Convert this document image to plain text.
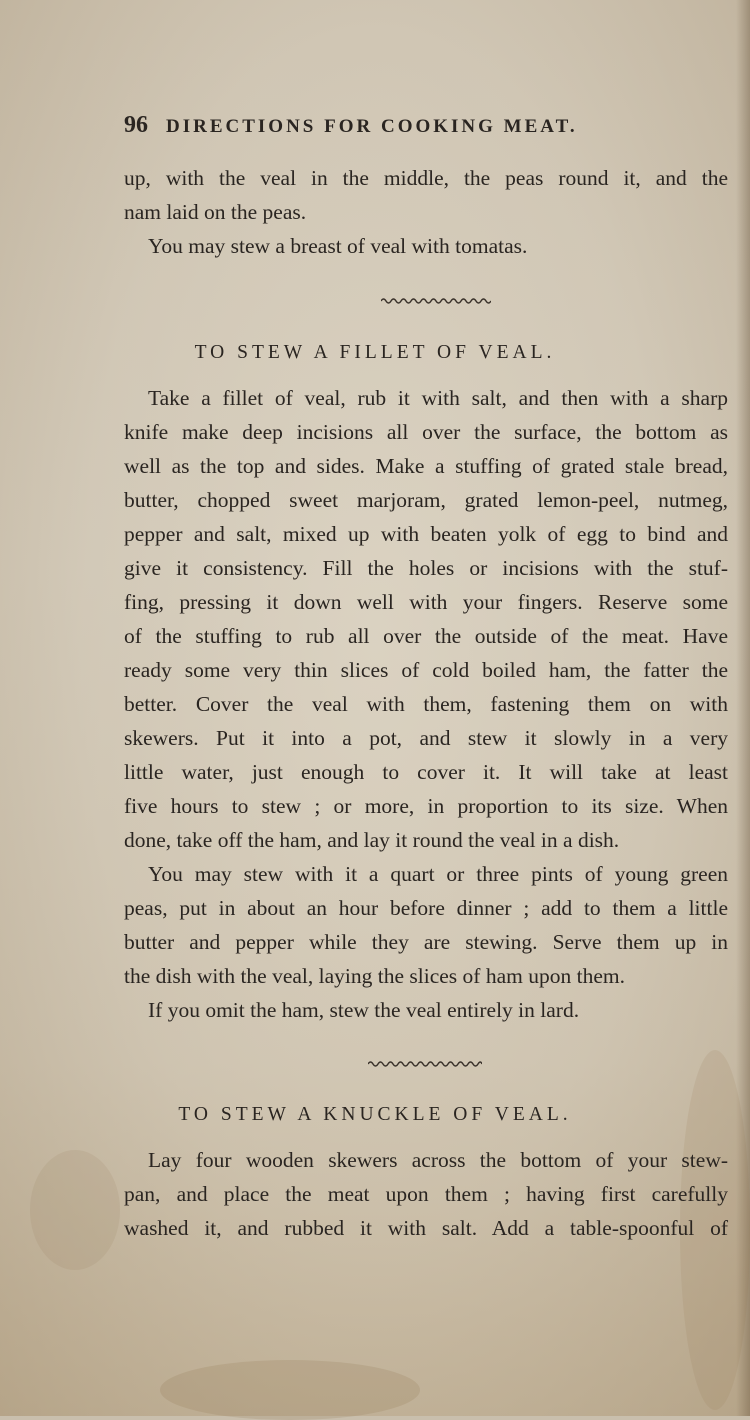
96 DIRECTIONS FOR COOKING MEAT.
up, with the veal in the middle, the peas round it, and the
nam laid on the peas.
You may stew a breast of veal with tomatas.
TO STEW A FILLET OF VEAL.
Take a fillet of veal, rub it with salt, and then with a sharp
knife make deep incisions all over the surface, the bottom as
well as the top and sides. Make a stuffing of grated stale bread,
butter, chopped sweet marjoram, grated lemon-peel, nutmeg,
pepper and salt, mixed up with beaten yolk of egg to bind and
give it consistency. Fill the holes or incisions with the stuf-
fing, pressing it down well with your fingers. Reserve some
of the stuffing to rub all over the outside of the meat. Have
ready some very thin slices of cold boiled ham, the fatter the
better. Cover the veal with them, fastening them on with
skewers. Put it into a pot, and stew it slowly in a very
little water, just enough to cover it. It will take at least
five hours to stew ; or more, in proportion to its size. When
done, take off the ham, and lay it round the veal in a dish.
You may stew with it a quart or three pints of young green
peas, put in about an hour before dinner ; add to them a little
butter and pepper while they are stewing. Serve them up in
the dish with the veal, laying the slices of ham upon them.
If you omit the ham, stew the veal entirely in lard.
TO STEW A KNUCKLE OF VEAL.
Lay four wooden skewers across the bottom of your stew-
pan, and place the meat upon them ; having first carefully
washed it, and rubbed it with salt. Add a table-spoonful of
